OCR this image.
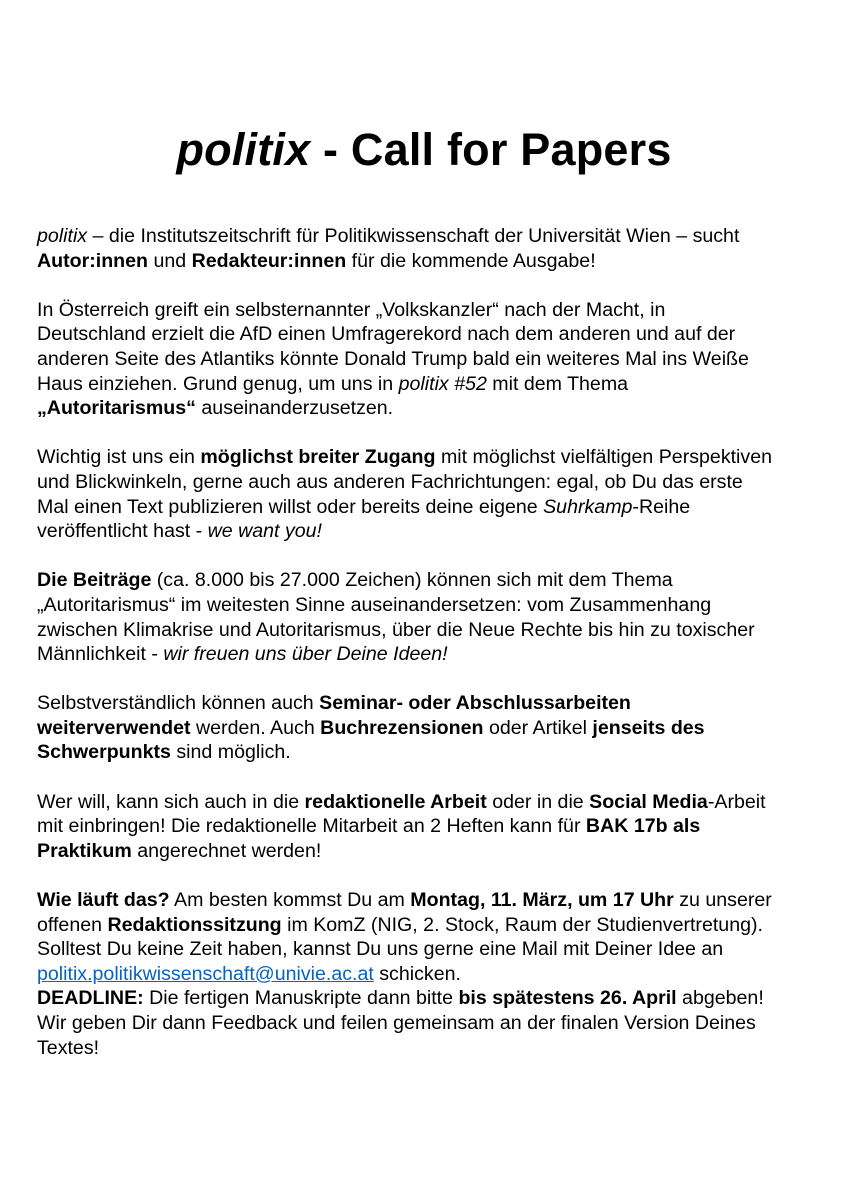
politix - Call for Papers

politix – die Institutszeitschrift für Politikwissenschaft der Universität Wien – sucht
Autor:innen und Redakteur:innen für die kommende Ausgabe!

In Österreich greift ein selbsternannter „Volkskanzler“ nach der Macht, in
Deutschland erzielt die AfD einen Umfragerekord nach dem anderen und auf der
anderen Seite des Atlantiks könnte Donald Trump bald ein weiteres Mal ins Weiße
Haus einziehen. Grund genug, um uns in politix #52 mit dem Thema
„Autoritarismus“ auseinanderzusetzen.

Wichtig ist uns ein möglichst breiter Zugang mit möglichst vielfältigen Perspektiven
und Blickwinkeln, gerne auch aus anderen Fachrichtungen: egal, ob Du das erste
Mal einen Text publizieren willst oder bereits deine eigene Suhrkamp-Reihe
veröffentlicht hast - we want you!

Die Beiträge (ca. 8.000 bis 27.000 Zeichen) können sich mit dem Thema
„Autoritarismus“ im weitesten Sinne auseinandersetzen: vom Zusammenhang
zwischen Klimakrise und Autoritarismus, über die Neue Rechte bis hin zu toxischer
Männlichkeit - wir freuen uns über Deine Ideen!

Selbstverständlich können auch Seminar- oder Abschlussarbeiten
weiterverwendet werden. Auch Buchrezensionen oder Artikel jenseits des
Schwerpunkts sind möglich.

Wer will, kann sich auch in die redaktionelle Arbeit oder in die Social Media-Arbeit
mit einbringen! Die redaktionelle Mitarbeit an 2 Heften kann für BAK 17b als
Praktikum angerechnet werden!

Wie läuft das? Am besten kommst Du am Montag, 11. März, um 17 Uhr zu unserer
offenen Redaktionssitzung im KomZ (NIG, 2. Stock, Raum der Studienvertretung).
Solltest Du keine Zeit haben, kannst Du uns gerne eine Mail mit Deiner Idee an
politix.politikwissenschaft@univie.ac.at schicken.

DEADLINE: Die fertigen Manuskripte dann bitte bis spätestens 26. April abgeben!
Wir geben Dir dann Feedback und feilen gemeinsam an der finalen Version Deines
Textes!
